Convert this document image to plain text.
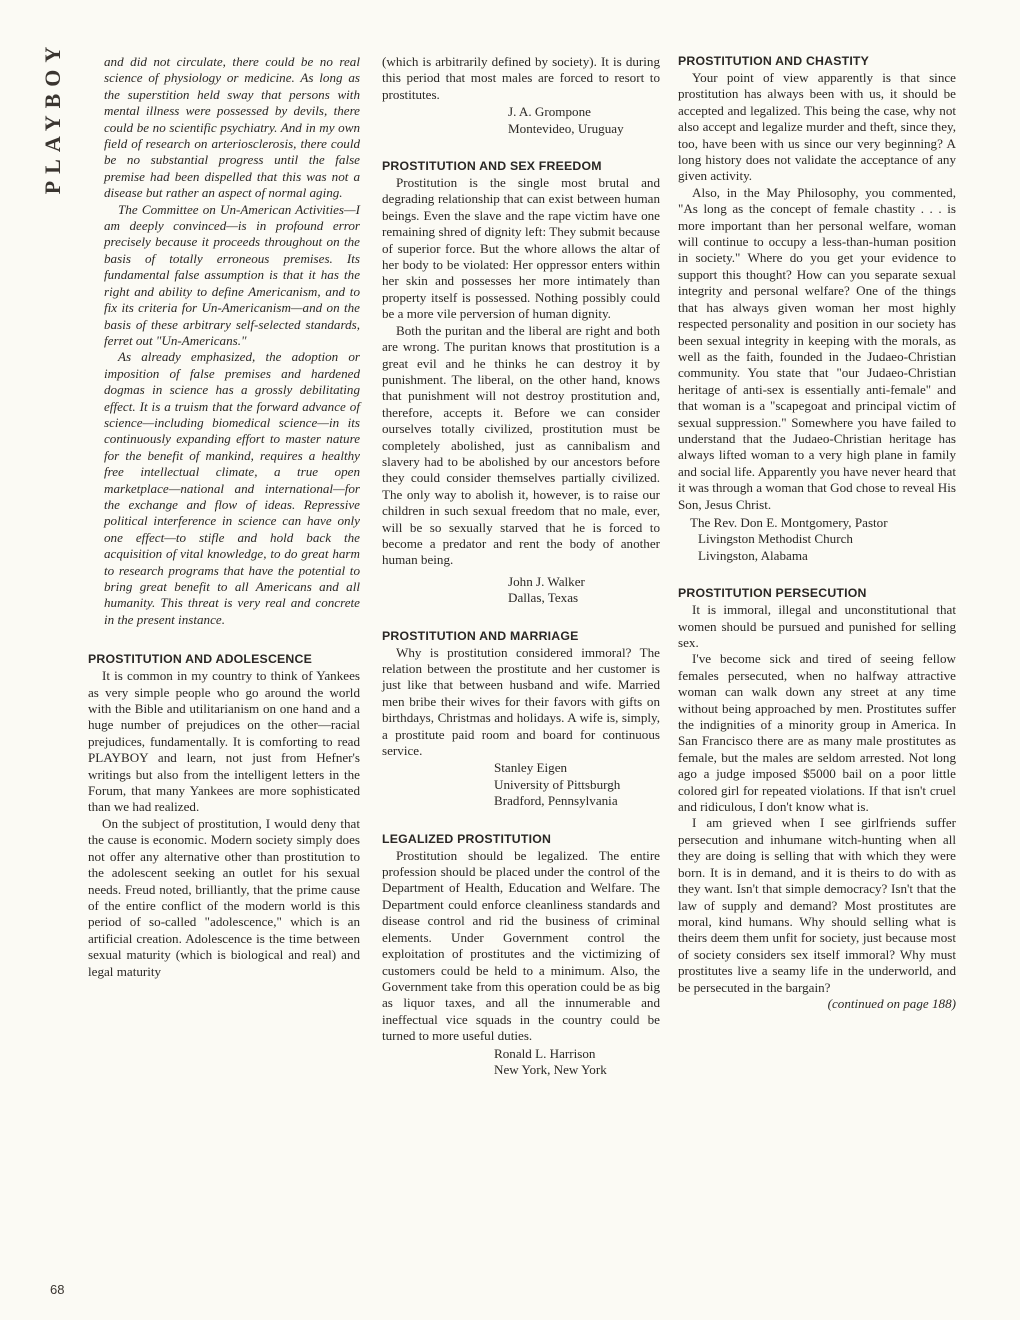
PLAYBOY
68

and did not circulate, there could be no real science of physiology or medicine. As long as the superstition held sway that persons with mental illness were possessed by devils, there could be no scientific psychiatry. And in my own field of research on arteriosclerosis, there could be no substantial progress until the false premise had been dispelled that this was not a disease but rather an aspect of normal aging.

The Committee on Un-American Activities—I am deeply convinced—is in profound error precisely because it proceeds throughout on the basis of totally erroneous premises. Its fundamental false assumption is that it has the right and ability to define Americanism, and to fix its criteria for Un-Americanism—and on the basis of these arbitrary self-selected standards, ferret out "Un-Americans."

As already emphasized, the adoption or imposition of false premises and hardened dogmas in science has a grossly debilitating effect. It is a truism that the forward advance of science—including biomedical science—in its continuously expanding effort to master nature for the benefit of mankind, requires a healthy free intellectual climate, a true open marketplace—national and international—for the exchange and flow of ideas. Repressive political interference in science can have only one effect—to stifle and hold back the acquisition of vital knowledge, to do great harm to research programs that have the potential to bring great benefit to all Americans and all humanity. This threat is very real and concrete in the present instance.

PROSTITUTION AND ADOLESCENCE

It is common in my country to think of Yankees as very simple people who go around the world with the Bible and utilitarianism on one hand and a huge number of prejudices on the other—racial prejudices, fundamentally. It is comforting to read PLAYBOY and learn, not just from Hefner's writings but also from the intelligent letters in the Forum, that many Yankees are more sophisticated than we had realized.

On the subject of prostitution, I would deny that the cause is economic. Modern society simply does not offer any alternative other than prostitution to the adolescent seeking an outlet for his sexual needs. Freud noted, brilliantly, that the prime cause of the entire conflict of the modern world is this period of so-called "adolescence," which is an artificial creation. Adolescence is the time between sexual maturity (which is biological and real) and legal maturity

(which is arbitrarily defined by society). It is during this period that most males are forced to resort to prostitutes.

J. A. Grompone
Montevideo, Uruguay
PROSTITUTION AND SEX FREEDOM

Prostitution is the single most brutal and degrading relationship that can exist between human beings. Even the slave and the rape victim have one remaining shred of dignity left: They submit because of superior force. But the whore allows the altar of her body to be violated: Her oppressor enters within her skin and possesses her more intimately than property itself is possessed. Nothing possibly could be a more vile perversion of human dignity.

Both the puritan and the liberal are right and both are wrong. The puritan knows that prostitution is a great evil and he thinks he can destroy it by punishment. The liberal, on the other hand, knows that punishment will not destroy prostitution and, therefore, accepts it. Before we can consider ourselves totally civilized, prostitution must be completely abolished, just as cannibalism and slavery had to be abolished by our ancestors before they could consider themselves partially civilized. The only way to abolish it, however, is to raise our children in such sexual freedom that no male, ever, will be so sexually starved that he is forced to become a predator and rent the body of another human being.

John J. Walker
Dallas, Texas
PROSTITUTION AND MARRIAGE

Why is prostitution considered immoral? The relation between the prostitute and her customer is just like that between husband and wife. Married men bribe their wives for their favors with gifts on birthdays, Christmas and holidays. A wife is, simply, a prostitute paid room and board for continuous service.

Stanley Eigen
University of Pittsburgh
Bradford, Pennsylvania
LEGALIZED PROSTITUTION

Prostitution should be legalized. The entire profession should be placed under the control of the Department of Health, Education and Welfare. The Department could enforce cleanliness standards and disease control and rid the business of criminal elements. Under Government control the exploitation of prostitutes and the victimizing of customers could be held to a minimum. Also, the Government take from this operation could be as big as liquor taxes, and all the innumerable and ineffectual vice squads in the country could be turned to more useful duties.

Ronald L. Harrison
New York, New York
PROSTITUTION AND CHASTITY

Your point of view apparently is that since prostitution has always been with us, it should be accepted and legalized. This being the case, why not also accept and legalize murder and theft, since they, too, have been with us since our very beginning? A long history does not validate the acceptance of any given activity.

Also, in the May Philosophy, you commented, "As long as the concept of female chastity . . . is more important than her personal welfare, woman will continue to occupy a less-than-human position in society." Where do you get your evidence to support this thought? How can you separate sexual integrity and personal welfare? One of the things that has always given woman her most highly respected personality and position in our society has been sexual integrity in keeping with the morals, as well as the faith, founded in the Judaeo-Christian community. You state that "our Judaeo-Christian heritage of anti-sex is essentially anti-female" and that woman is a "scapegoat and principal victim of sexual suppression." Somewhere you have failed to understand that the Judaeo-Christian heritage has always lifted woman to a very high plane in family and social life. Apparently you have never heard that it was through a woman that God chose to reveal His Son, Jesus Christ.

The Rev. Don E. Montgomery, Pastor
Livingston Methodist Church
Livingston, Alabama
PROSTITUTION PERSECUTION

It is immoral, illegal and unconstitutional that women should be pursued and punished for selling sex.

I've become sick and tired of seeing fellow females persecuted, when no halfway attractive woman can walk down any street at any time without being approached by men. Prostitutes suffer the indignities of a minority group in America. In San Francisco there are as many male prostitutes as female, but the males are seldom arrested. Not long ago a judge imposed $5000 bail on a poor little colored girl for repeated violations. If that isn't cruel and ridiculous, I don't know what is.

I am grieved when I see girlfriends suffer persecution and inhumane witch-hunting when all they are doing is selling that with which they were born. It is in demand, and it is theirs to do with as they want. Isn't that simple democracy? Isn't that the law of supply and demand? Most prostitutes are moral, kind humans. Why should selling what is theirs deem them unfit for society, just because most of society considers sex itself immoral? Why must prostitutes live a seamy life in the underworld, and be persecuted in the bargain?

(continued on page 188)
